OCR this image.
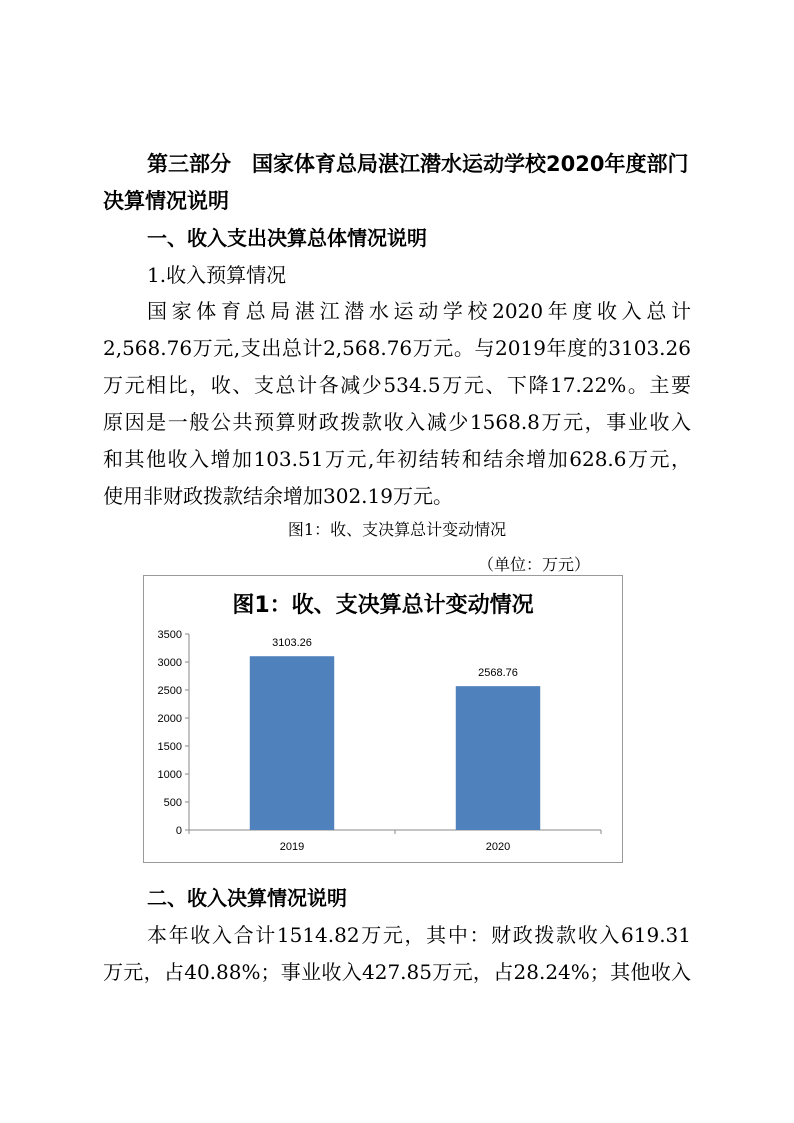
第三部分　国家体育总局湛江潜水运动学校2020年度部门
决算情况说明
一、收入支出决算总体情况说明
1.收入预算情况
国家体育总局湛江潜水运动学校2020年度收入总计
2,568.76万元,支出总计2,568.76万元。与2019年度的3103.26
万元相比，收、支总计各减少534.5万元、下降17.22%。主要
原因是一般公共预算财政拨款收入减少1568.8万元，事业收入
和其他收入增加103.51万元,年初结转和结余增加628.6万元，
使用非财政拨款结余增加302.19万元。
图1：收、支决算总计变动情况
（单位：万元）
图1：收、支决算总计变动情况
0
500
1000
1500
2000
2500
3000
3500
3103.26
2019
2568.76
2020
二、收入决算情况说明
本年收入合计1514.82万元，其中：财政拨款收入619.31
万元，占40.88%；事业收入427.85万元，占28.24%；其他收入
